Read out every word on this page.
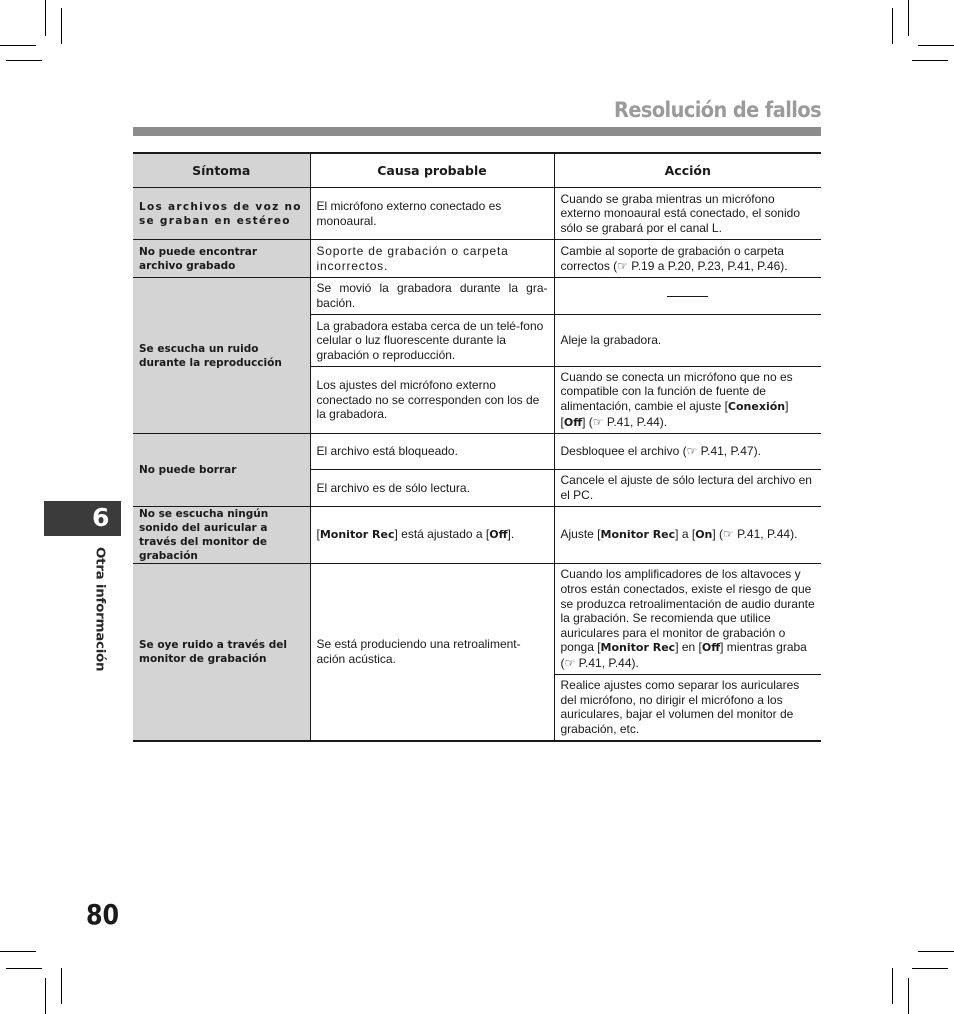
Resolución de fallos
6
Otra información
Síntoma	Causa probable	Acción
Los archivos de voz no se graban en estéreo	El micrófono externo conectado es monoaural.	Cuando se graba mientras un micrófono externo monoaural está conectado, el sonido sólo se grabará por el canal L.
No puede encontrar archivo grabado	Soporte de grabación o carpeta incorrectos.	Cambie al soporte de grabación o carpeta correctos (☞ P.19 a P.20, P.23, P.41, P.46).
Se escucha un ruido durante la reproducción	Se movió la grabadora durante la gra-bación.	
	La grabadora estaba cerca de un telé-fono celular o luz fluorescente durante la grabación o reproducción.	Aleje la grabadora.
	Los ajustes del micrófono externo conectado no se corresponden con los de la grabadora.	Cuando se conecta un micrófono que no es compatible con la función de fuente de alimentación, cambie el ajuste [Conexión] [Off] (☞ P.41, P.44).
No puede borrar	El archivo está bloqueado.	Desbloquee el archivo (☞ P.41, P.47).
	El archivo es de sólo lectura.	Cancele el ajuste de sólo lectura del archivo en el PC.
No se escucha ningún sonido del auricular a través del monitor de grabación	[Monitor Rec] está ajustado a [Off].	Ajuste [Monitor Rec] a [On] (☞ P.41, P.44).
Se oye ruido a través del monitor de grabación	Se está produciendo una retroaliment-ación acústica.	Cuando los amplificadores de los altavoces y otros están conectados, existe el riesgo de que se produzca retroalimentación de audio durante la grabación. Se recomienda que utilice auriculares para el monitor de grabación o ponga [Monitor Rec] en [Off] mientras graba (☞ P.41, P.44).
		Realice ajustes como separar los auriculares del micrófono, no dirigir el micrófono a los auriculares, bajar el volumen del monitor de grabación, etc.
80
